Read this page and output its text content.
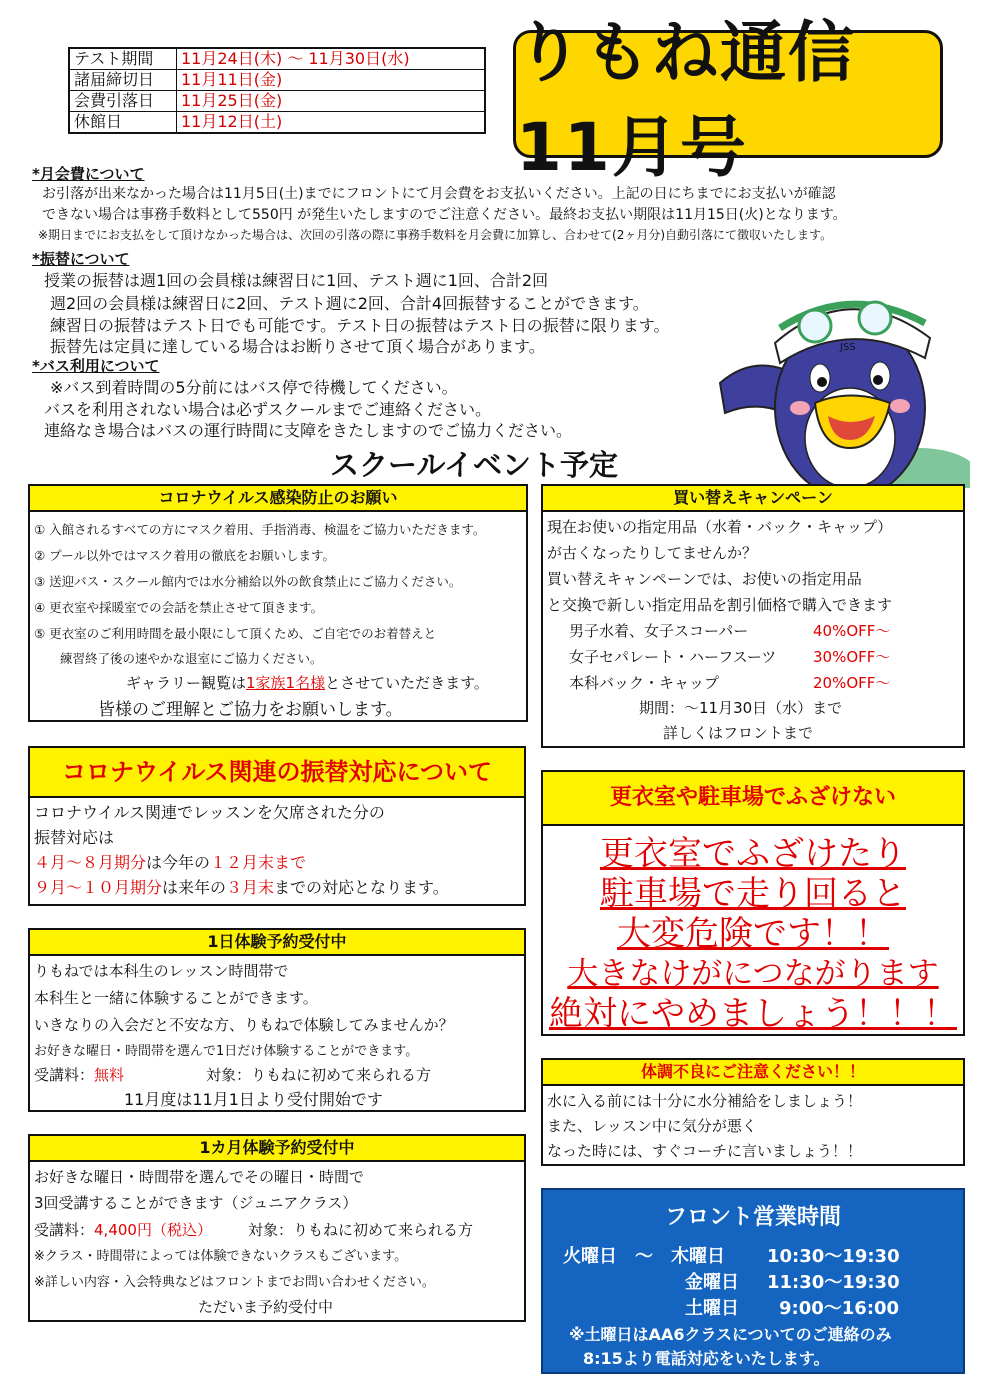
テスト期間	11月24日(木) ～ 11月30日(水)
諸届締切日	11月11日(金)
会費引落日	11月25日(金)
休館日	11月12日(土)
りもね通信11月号
*月会費について
お引落が出来なかった場合は11月5日(土)までにフロントにて月会費をお支払いください。上記の日にちまでにお支払いが確認
できない場合は事務手数料として550円 が発生いたしますのでご注意ください。最終お支払い期限は11月15日(火)となります。
※期日までにお支払をして頂けなかった場合は、次回の引落の際に事務手数料を月会費に加算し、合わせて(2ヶ月分)自動引落にて徴収いたします。
*振替について
授業の振替は週1回の会員様は練習日に1回、テスト週に1回、合計2回
週2回の会員様は練習日に2回、テスト週に2回、合計4回振替することができます。
練習日の振替はテスト日でも可能です。テスト日の振替はテスト日の振替に限ります。
振替先は定員に達している場合はお断りさせて頂く場合があります。
*バス利用について
※バス到着時間の5分前にはバス停で待機してください。
バスを利用されない場合は必ずスクールまでご連絡ください。
連絡なき場合はバスの運行時間に支障をきたしますのでご協力ください。
JSS
スクールイベント予定
コロナウイルス感染防止のお願い
① 入館されるすべての方にマスク着用、手指消毒、検温をご協力いただきます。
② プール以外ではマスク着用の徹底をお願いします。
③ 送迎バス・スクール館内では水分補給以外の飲食禁止にご協力ください。
④ 更衣室や採暖室での会話を禁止させて頂きます。
⑤ 更衣室のご利用時間を最小限にして頂くため、ご自宅でのお着替えと
練習終了後の速やかな退室にご協力ください。
ギャラリー観覧は1家族1名様とさせていただきます。
皆様のご理解とご協力をお願いします。
コロナウイルス関連の振替対応について
コロナウイルス関連でレッスンを欠席された分の
振替対応は
４月～８月期分は今年の１２月末まで
９月～１０月期分は来年の３月末までの対応となります。
1日体験予約受付中
りもねでは本科生のレッスン時間帯で
本科生と一緒に体験することができます。
いきなりの入会だと不安な方、りもねで体験してみませんか？
お好きな曜日・時間帯を選んで1日だけ体験することができます。
受講料：無料	対象：りもねに初めて来られる方
11月度は11月1日より受付開始です
1カ月体験予約受付中
お好きな曜日・時間帯を選んでその曜日・時間で
3回受講することができます（ジュニアクラス）
受講料：4,400円（税込） 対象：りもねに初めて来られる方
※クラス・時間帯によっては体験できないクラスもございます。
※詳しい内容・入会特典などはフロントまでお問い合わせください。
ただいま予約受付中
買い替えキャンペーン
現在お使いの指定用品（水着・バック・キャップ）
が古くなったりしてませんか？
買い替えキャンペーンでは、お使いの指定用品
と交換で新しい指定用品を割引価格で購入できます
男子水着、女子スコーパー	40%OFF～
女子セパレート・ハーフスーツ 30%OFF～
本科バック・キャップ	20%OFF～
期間：～11月30日（水）まで
詳しくはフロントまで
更衣室や駐車場でふざけない
更衣室でふざけたり
駐車場で走り回ると
大変危険です！！
大きなけがにつながります
絶対にやめましょう！！！
体調不良にご注意ください！！
水に入る前には十分に水分補給をしましょう！
また、レッスン中に気分が悪く
なった時には、すぐコーチに言いましょう！！
フロント営業時間
火曜日　～　木曜日 10:30～19:30
金曜日 11:30～19:30
土曜日 9:00～16:00
※土曜日はAA6クラスについてのご連絡のみ
8:15より電話対応をいたします。
